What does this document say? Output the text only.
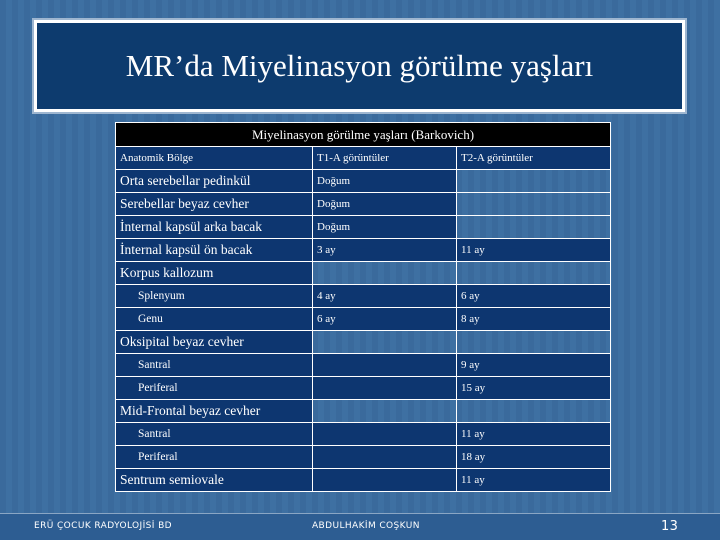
MR’da Miyelinasyon görülme yaşları
Miyelinasyon görülme yaşları (Barkovich)		
Anatomik Bölge	T1-A görüntüler	T2-A görüntüler
Orta serebellar pedinkül	Doğum	
Serebellar beyaz cevher	Doğum	
İnternal kapsül arka bacak	Doğum	
İnternal kapsül ön bacak	3 ay	11 ay
Korpus kallozum		
Splenyum	4 ay	6 ay
Genu	6 ay	8 ay
Oksipital beyaz cevher		
Santral		9 ay
Periferal		15 ay
Mid-Frontal beyaz cevher		
Santral		11 ay
Periferal		18 ay
Sentrum semiovale		11 ay
ERÜ ÇOCUK RADYOLOJİSİ BD	ABDULHAKİM COŞKUN	13
